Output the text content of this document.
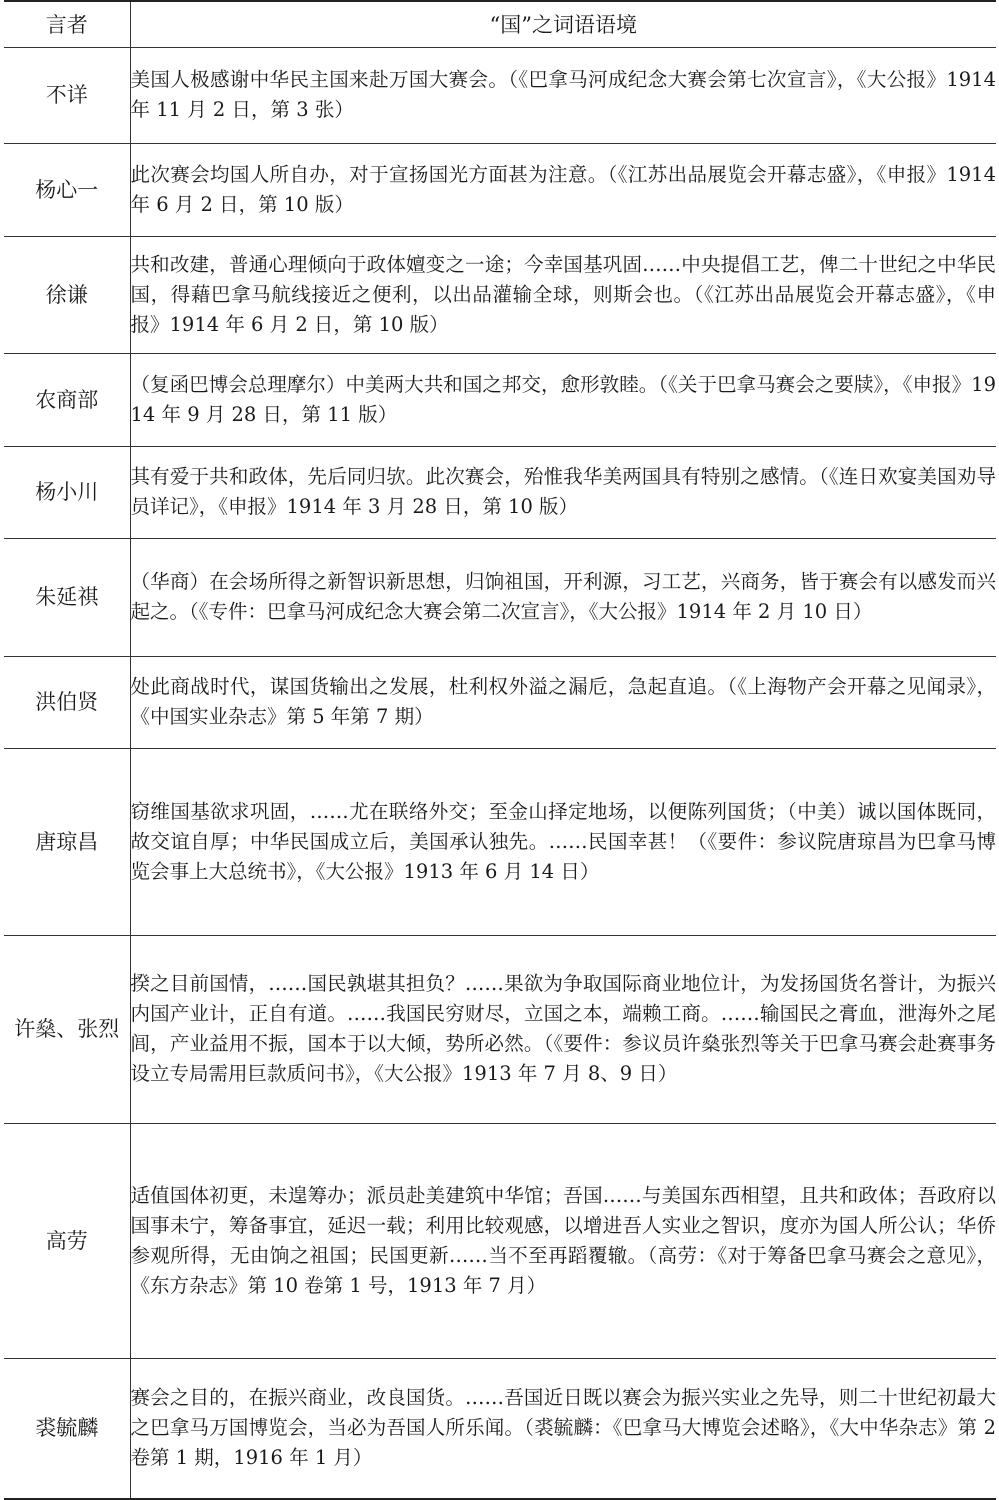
言者	“国”之词语语境
不详	美国人极感谢中华民主国来赴万国大赛会。（《巴拿马河成纪念大赛会第七次宣言》，《大公报》1914 年 11 月 2 日，第 3 张）
杨心一	此次赛会均国人所自办，对于宣扬国光方面甚为注意。（《江苏出品展览会开幕志盛》，《申报》1914 年 6 月 2 日，第 10 版）
徐谦	共和改建，普通心理倾向于政体嬗变之一途；今幸国基巩固……中央提倡工艺，俾二十世纪之中华民国，得藉巴拿马航线接近之便利，以出品灌输全球，则斯会也。（《江苏出品展览会开幕志盛》，《申报》1914 年 6 月 2 日，第 10 版）
农商部	（复函巴博会总理摩尔）中美两大共和国之邦交，愈形敦睦。（《关于巴拿马赛会之要牍》，《申报》1914 年 9 月 28 日，第 11 版）
杨小川	其有爱于共和政体，先后同归欤。此次赛会，殆惟我华美两国具有特别之感情。（《连日欢宴美国劝导员详记》，《申报》1914 年 3 月 28 日，第 10 版）
朱延祺	（华商）在会场所得之新智识新思想，归饷祖国，开利源，习工艺，兴商务，皆于赛会有以感发而兴起之。（《专件：巴拿马河成纪念大赛会第二次宣言》，《大公报》1914 年 2 月 10 日）
洪伯贤	处此商战时代，谋国货输出之发展，杜利权外溢之漏卮，急起直追。（《上海物产会开幕之见闻录》，《中国实业杂志》第 5 年第 7 期）
唐琼昌	窃维国基欲求巩固，……尤在联络外交；至金山择定地场，以便陈列国货；（中美）诚以国体既同，故交谊自厚；中华民国成立后，美国承认独先。……民国幸甚！（《要件：参议院唐琼昌为巴拿马博览会事上大总统书》，《大公报》1913 年 6 月 14 日）
许燊、张烈	揆之目前国情，……国民孰堪其担负？……果欲为争取国际商业地位计，为发扬国货名誉计，为振兴内国产业计，正自有道。……我国民穷财尽，立国之本，端赖工商。……输国民之膏血，泄海外之尾闾，产业益用不振，国本于以大倾，势所必然。（《要件：参议员许燊张烈等关于巴拿马赛会赴赛事务设立专局需用巨款质问书》，《大公报》1913 年 7 月 8、9 日）
高劳	适值国体初更，未遑筹办；派员赴美建筑中华馆；吾国……与美国东西相望，且共和政体；吾政府以国事未宁，筹备事宜，延迟一载；利用比较观感，以增进吾人实业之智识，度亦为国人所公认；华侨参观所得，无由饷之祖国；民国更新……当不至再蹈覆辙。（高劳：《对于筹备巴拿马赛会之意见》，《东方杂志》第 10 卷第 1 号，1913 年 7 月）
裘毓麟	赛会之目的，在振兴商业，改良国货。……吾国近日既以赛会为振兴实业之先导，则二十世纪初最大之巴拿马万国博览会，当必为吾国人所乐闻。（裘毓麟：《巴拿马大博览会述略》，《大中华杂志》第 2 卷第 1 期，1916 年 1 月）
